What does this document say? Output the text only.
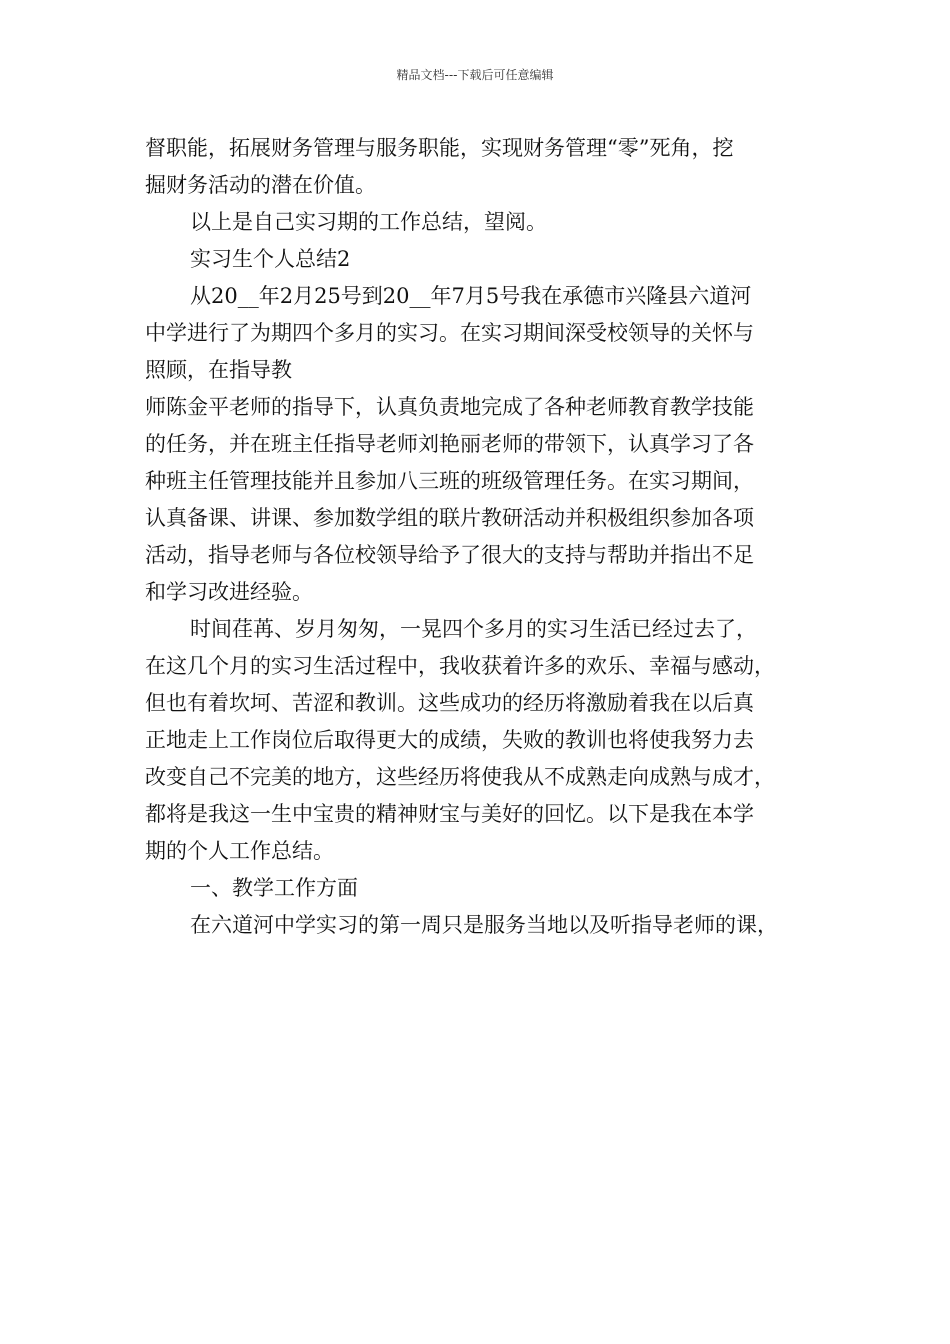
精品文档---下载后可任意编辑
督职能，拓展财务管理与服务职能，实现财务管理“零”死角，挖
掘财务活动的潜在价值。
以上是自己实习期的工作总结，望阅。
实习生个人总结2
从20__年2月25号到20__年7月5号我在承德市兴隆县六道河
中学进行了为期四个多月的实习。在实习期间深受校领导的关怀与
照顾，在指导教
师陈金平老师的指导下，认真负责地完成了各种老师教育教学技能
的任务，并在班主任指导老师刘艳丽老师的带领下，认真学习了各
种班主任管理技能并且参加八三班的班级管理任务。在实习期间，
认真备课、讲课、参加数学组的联片教研活动并积极组织参加各项
活动，指导老师与各位校领导给予了很大的支持与帮助并指出不足
和学习改进经验。
时间荏苒、岁月匆匆，一晃四个多月的实习生活已经过去了，
在这几个月的实习生活过程中，我收获着许多的欢乐、幸福与感动，
但也有着坎坷、苦涩和教训。这些成功的经历将激励着我在以后真
正地走上工作岗位后取得更大的成绩，失败的教训也将使我努力去
改变自己不完美的地方，这些经历将使我从不成熟走向成熟与成才，
都将是我这一生中宝贵的精神财宝与美好的回忆。以下是我在本学
期的个人工作总结。
一、教学工作方面
在六道河中学实习的第一周只是服务当地以及听指导老师的课，
